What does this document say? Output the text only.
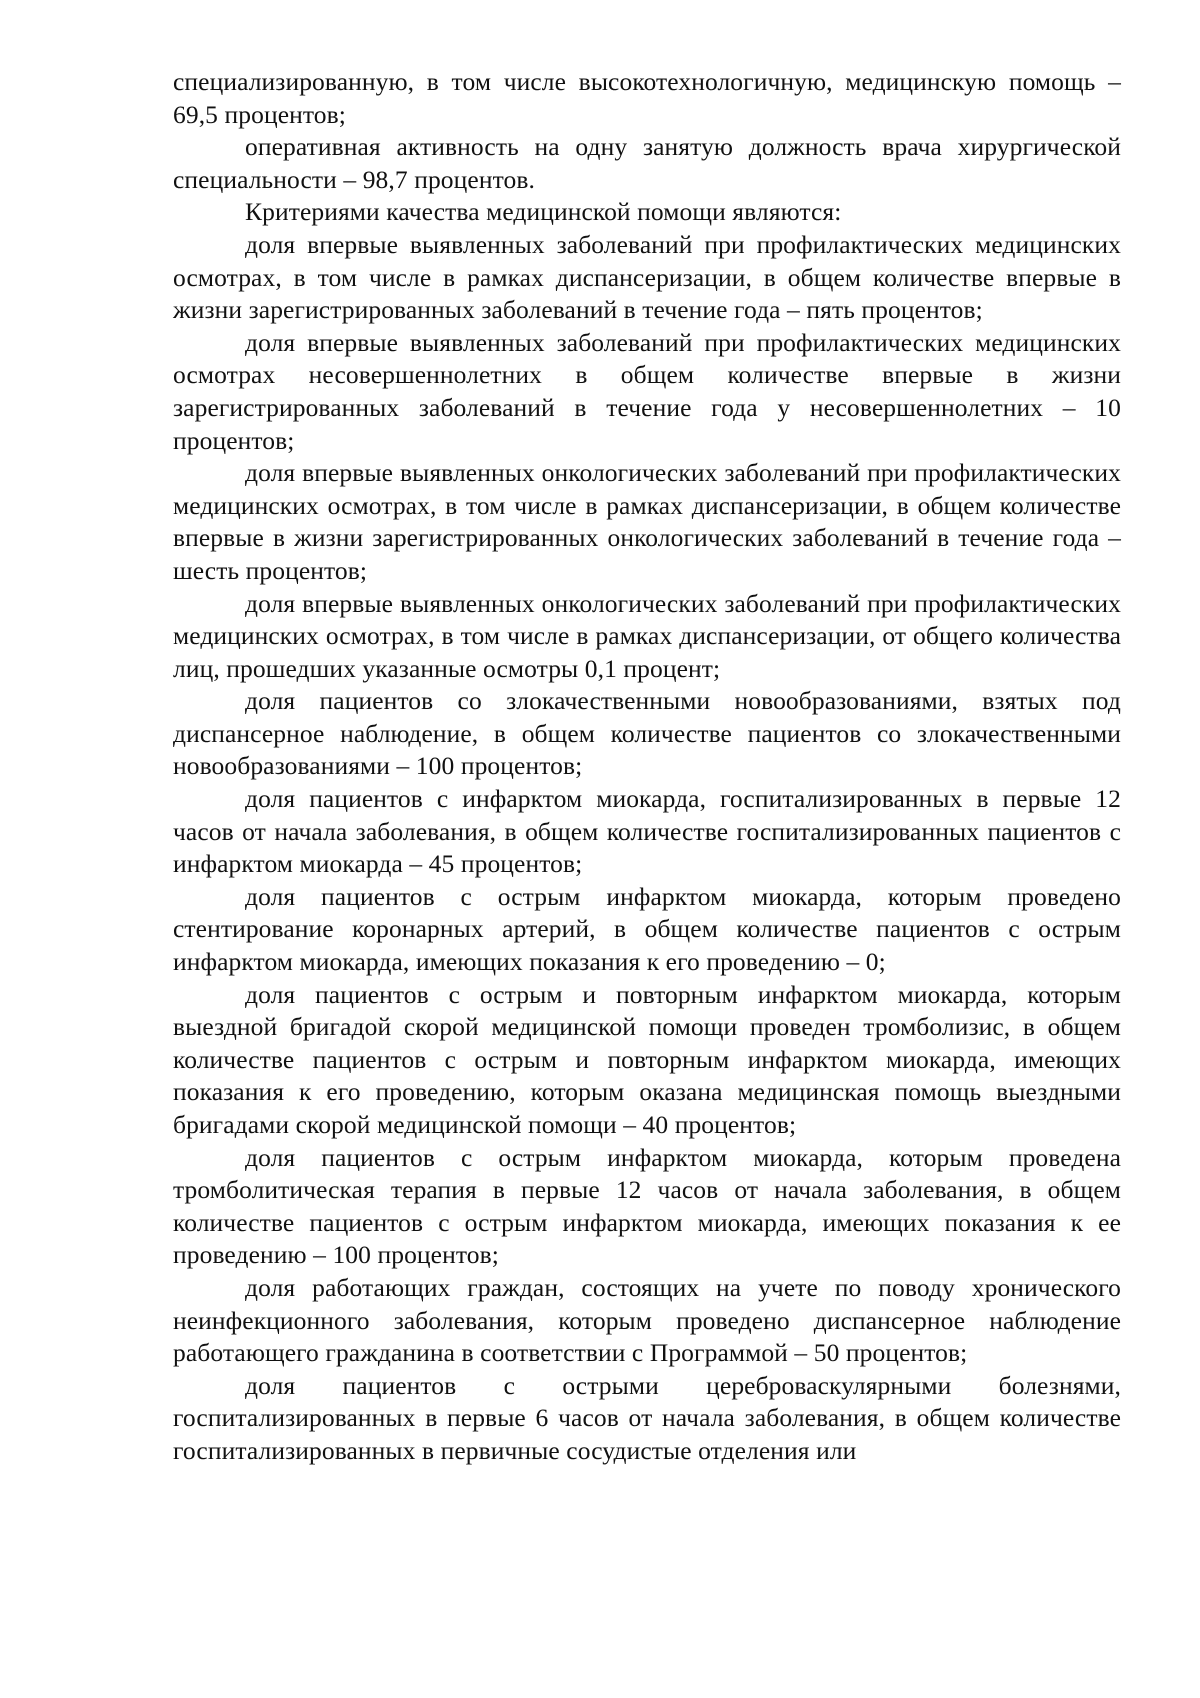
специализированную, в том числе высокотехнологичную, медицинскую помощь – 69,5 процентов;

оперативная активность на одну занятую должность врача хирургической специальности – 98,7 процентов.

Критериями качества медицинской помощи являются:

доля впервые выявленных заболеваний при профилактических медицинских осмотрах, в том числе в рамках диспансеризации, в общем количестве впервые в жизни зарегистрированных заболеваний в течение года – пять процентов;

доля впервые выявленных заболеваний при профилактических медицинских осмотрах несовершеннолетних в общем количестве впервые в жизни зарегистрированных заболеваний в течение года у несовершеннолетних – 10 процентов;

доля впервые выявленных онкологических заболеваний при профилактических медицинских осмотрах, в том числе в рамках диспансеризации, в общем количестве впервые в жизни зарегистрированных онкологических заболеваний в течение года – шесть процентов;

доля впервые выявленных онкологических заболеваний при профилактических медицинских осмотрах, в том числе в рамках диспансеризации, от общего количества лиц, прошедших указанные осмотры 0,1 процент;

доля пациентов со злокачественными новообразованиями, взятых под диспансерное наблюдение, в общем количестве пациентов со злокачественными новообразованиями – 100 процентов;

доля пациентов с инфарктом миокарда, госпитализированных в первые 12 часов от начала заболевания, в общем количестве госпитализированных пациентов с инфарктом миокарда – 45 процентов;

доля пациентов с острым инфарктом миокарда, которым проведено стентирование коронарных артерий, в общем количестве пациентов с острым инфарктом миокарда, имеющих показания к его проведению – 0;

доля пациентов с острым и повторным инфарктом миокарда, которым выездной бригадой скорой медицинской помощи проведен тромболизис, в общем количестве пациентов с острым и повторным инфарктом миокарда, имеющих показания к его проведению, которым оказана медицинская помощь выездными бригадами скорой медицинской помощи – 40 процентов;

доля пациентов с острым инфарктом миокарда, которым проведена тромболитическая терапия в первые 12 часов от начала заболевания, в общем количестве пациентов с острым инфарктом миокарда, имеющих показания к ее проведению – 100 процентов;

доля работающих граждан, состоящих на учете по поводу хронического неинфекционного заболевания, которым проведено диспансерное наблюдение работающего гражданина в соответствии с Программой – 50 процентов;

доля пациентов с острыми цереброваскулярными болезнями, госпитализированных в первые 6 часов от начала заболевания, в общем количестве госпитализированных в первичные сосудистые отделения или
